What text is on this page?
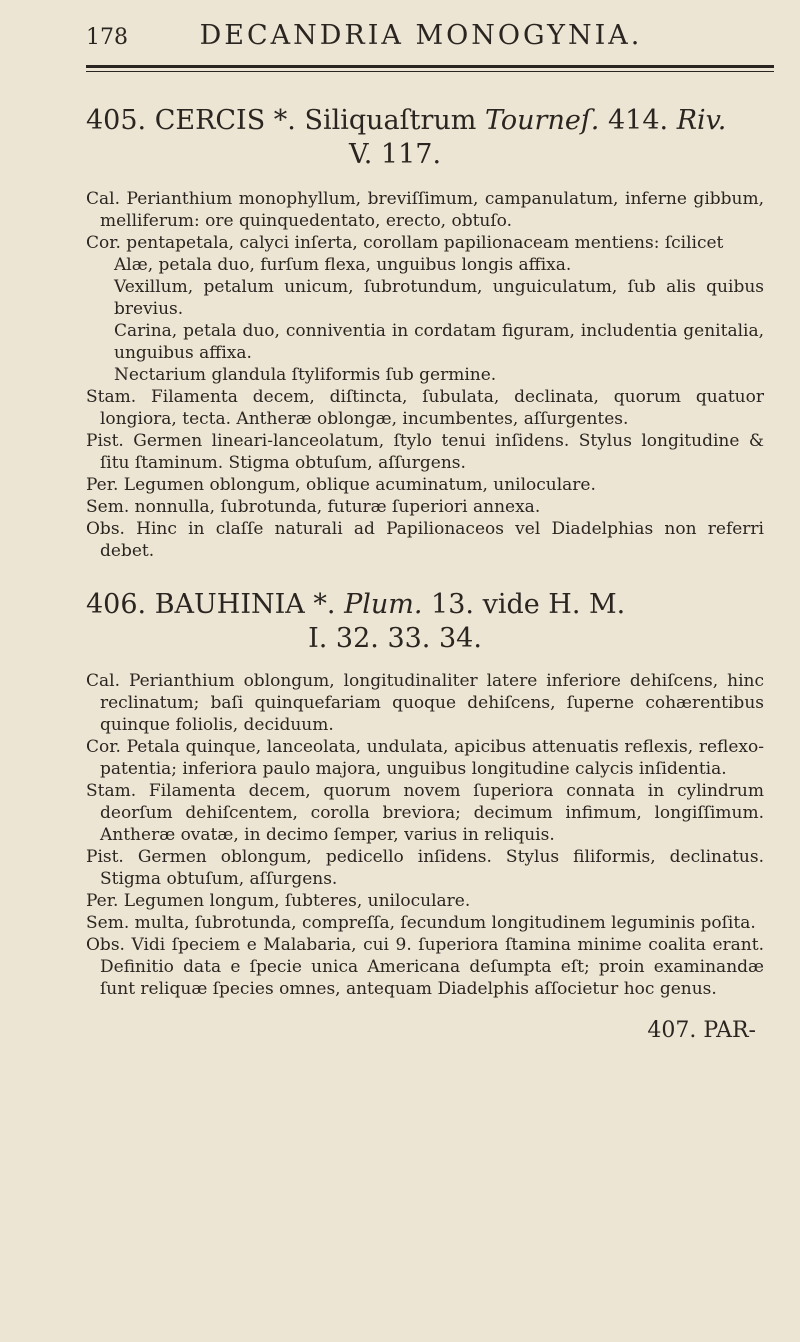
178	DECANDRIA MONOGYNIA.
405. CERCIS *. Siliquaſtrum Tourneſ. 414. Riv.
V. 117.

Cal. Perianthium monophyllum, breviſſimum, campanulatum, inferne gibbum, melliferum: ore quinquedentato, erecto, obtuſo.

Cor. pentapetala, calyci inſerta, corollam papilionaceam mentiens: ſcilicet

Alæ, petala duo, furſum flexa, unguibus longis affixa.

Vexillum, petalum unicum, ſubrotundum, unguiculatum, ſub alis quibus brevius.

Carina, petala duo, conniventia in cordatam figuram, includentia genitalia, unguibus affixa.

Nectarium glandula ſtyliformis ſub germine.

Stam. Filamenta decem, diſtincta, ſubulata, declinata, quorum quatuor longiora, tecta. Antheræ oblongæ, incumbentes, aſſurgentes.

Pist. Germen lineari-lanceolatum, ſtylo tenui inſidens. Stylus longitudine & ſitu ſtaminum. Stigma obtuſum, aſſurgens.

Per. Legumen oblongum, oblique acuminatum, uniloculare.

Sem. nonnulla, ſubrotunda, futuræ ſuperiori annexa.

Obs. Hinc in claſſe naturali ad Papilionaceos vel Diadelphias non referri debet.

406. BAUHINIA *. Plum. 13. vide H. M.
I. 32. 33. 34.

Cal. Perianthium oblongum, longitudinaliter latere inferiore dehiſcens, hinc reclinatum; baſi quinquefariam quoque dehiſcens, ſuperne cohærentibus quinque foliolis, deciduum.

Cor. Petala quinque, lanceolata, undulata, apicibus attenuatis reflexis, reflexo-patentia; inferiora paulo majora, unguibus longitudine calycis inſidentia.

Stam. Filamenta decem, quorum novem ſuperiora connata in cylindrum deorſum dehiſcentem, corolla breviora; decimum infimum, longiſſimum. Antheræ ovatæ, in decimo ſemper, varius in reliquis.

Pist. Germen oblongum, pedicello inſidens. Stylus filiformis, declinatus. Stigma obtuſum, aſſurgens.

Per. Legumen longum, ſubteres, uniloculare.

Sem. multa, ſubrotunda, compreſſa, ſecundum longitudinem leguminis poſita.

Obs. Vidi ſpeciem e Malabaria, cui 9. ſuperiora ſtamina minime coalita erant. Definitio data e ſpecie unica Americana deſumpta eſt; proin examinandæ ſunt reliquæ ſpecies omnes, antequam Diadelphis aſſocietur hoc genus.

407. PAR-
